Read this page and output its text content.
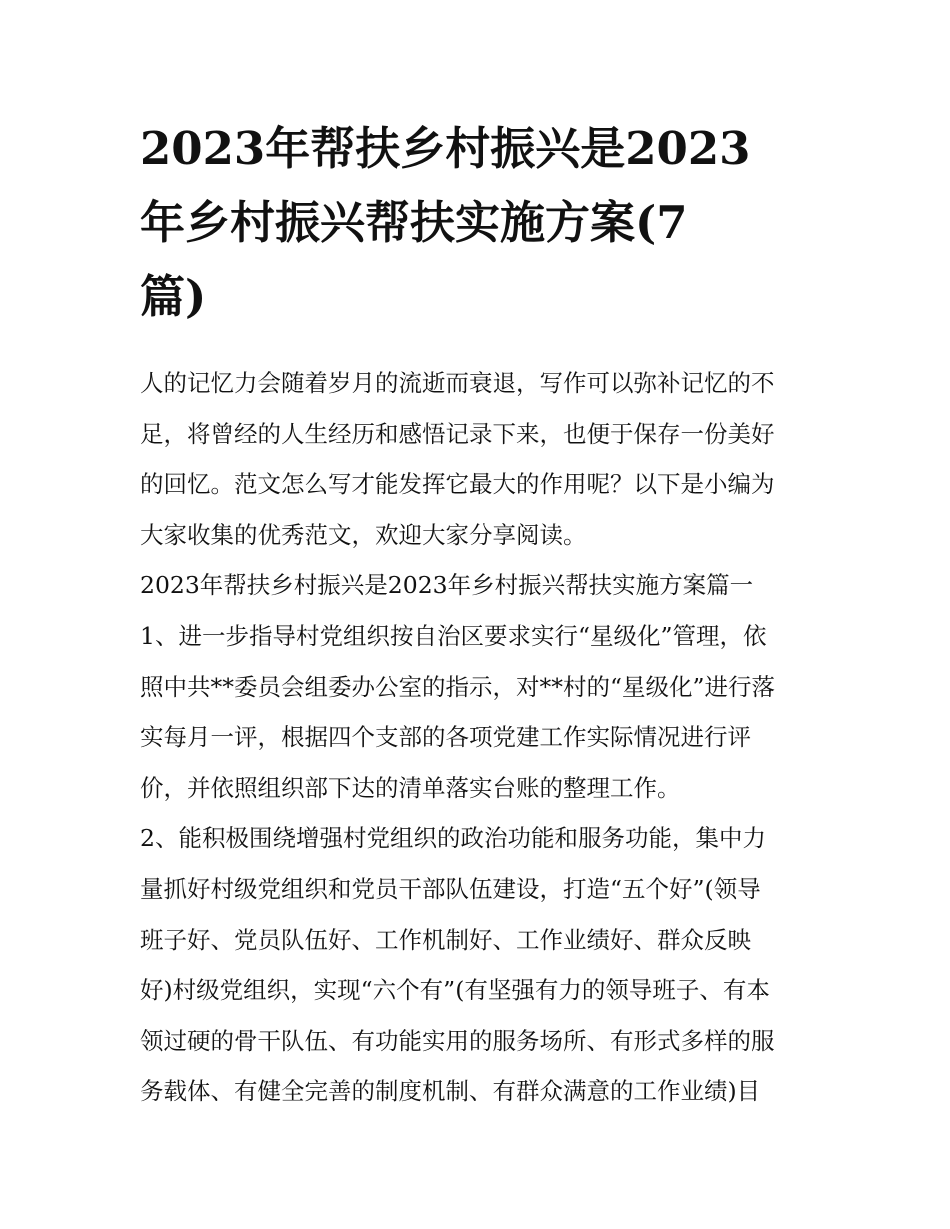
2023年帮扶乡村振兴是2023
年乡村振兴帮扶实施方案(7
篇)
人的记忆力会随着岁月的流逝而衰退，写作可以弥补记忆的不
足，将曾经的人生经历和感悟记录下来，也便于保存一份美好
的回忆。范文怎么写才能发挥它最大的作用呢？以下是小编为
大家收集的优秀范文，欢迎大家分享阅读。
2023年帮扶乡村振兴是2023年乡村振兴帮扶实施方案篇一
1、进一步指导村党组织按自治区要求实行“星级化”管理，依
照中共**委员会组委办公室的指示，对**村的“星级化”进行落
实每月一评，根据四个支部的各项党建工作实际情况进行评
价，并依照组织部下达的清单落实台账的整理工作。
2、能积极围绕增强村党组织的政治功能和服务功能，集中力
量抓好村级党组织和党员干部队伍建设，打造“五个好”(领导
班子好、党员队伍好、工作机制好、工作业绩好、群众反映
好)村级党组织，实现“六个有”(有坚强有力的领导班子、有本
领过硬的骨干队伍、有功能实用的服务场所、有形式多样的服
务载体、有健全完善的制度机制、有群众满意的工作业绩)目
